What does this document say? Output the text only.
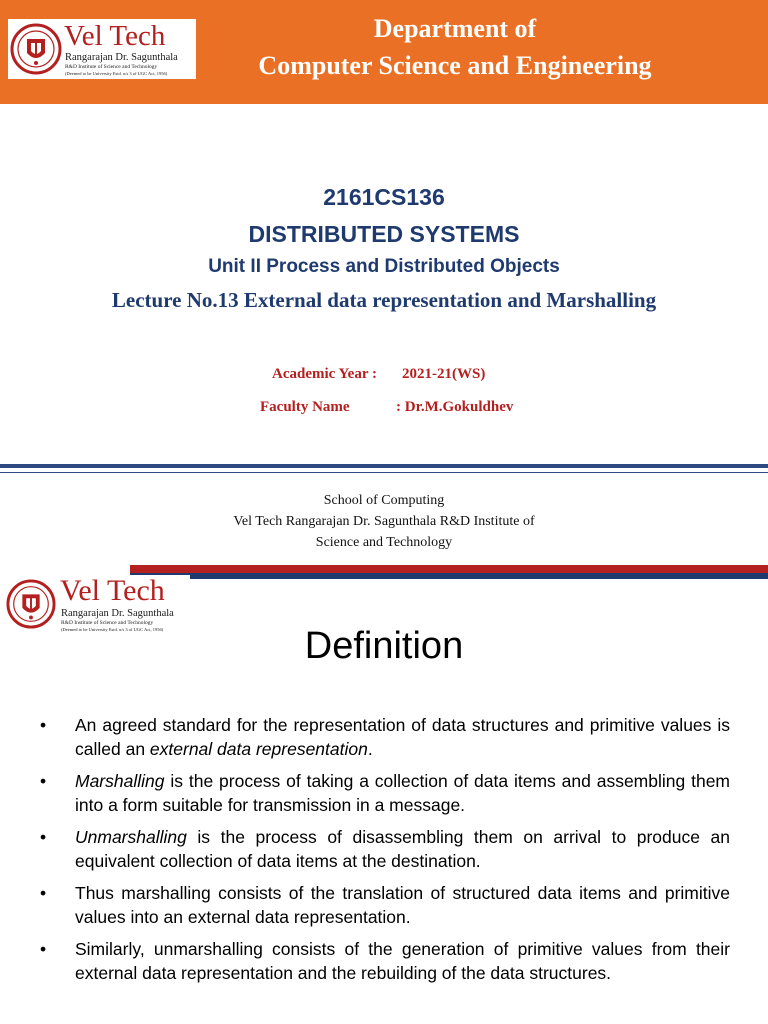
Vel Tech
Rangarajan Dr. Sagunthala
R&D Institute of Science and Technology
(Deemed to be University Estd. u/s 3 of UGC Act, 1956)
Department of
Computer Science and Engineering
2161CS136
DISTRIBUTED SYSTEMS
Unit II Process and Distributed Objects
Lecture No.13 External data representation and Marshalling
Academic Year : 2021-21(WS)
Faculty Name	: Dr.M.Gokuldhev
School of Computing
Vel Tech Rangarajan Dr. Sagunthala R&D Institute of
Science and Technology
Vel Tech
Rangarajan Dr. Sagunthala
R&D Institute of Science and Technology
(Deemed to be University Estd. u/s 3 of UGC Act, 1956)	Definition
• An agreed standard for the representation of data structures and primitive values is called an external data representation.
• Marshalling is the process of taking a collection of data items and assembling them into a form suitable for transmission in a message.
• Unmarshalling is the process of disassembling them on arrival to produce an equivalent collection of data items at the destination.
• Thus marshalling consists of the translation of structured data items and primitive values into an external data representation.
• Similarly, unmarshalling consists of the generation of primitive values from their external data representation and the rebuilding of the data structures.
